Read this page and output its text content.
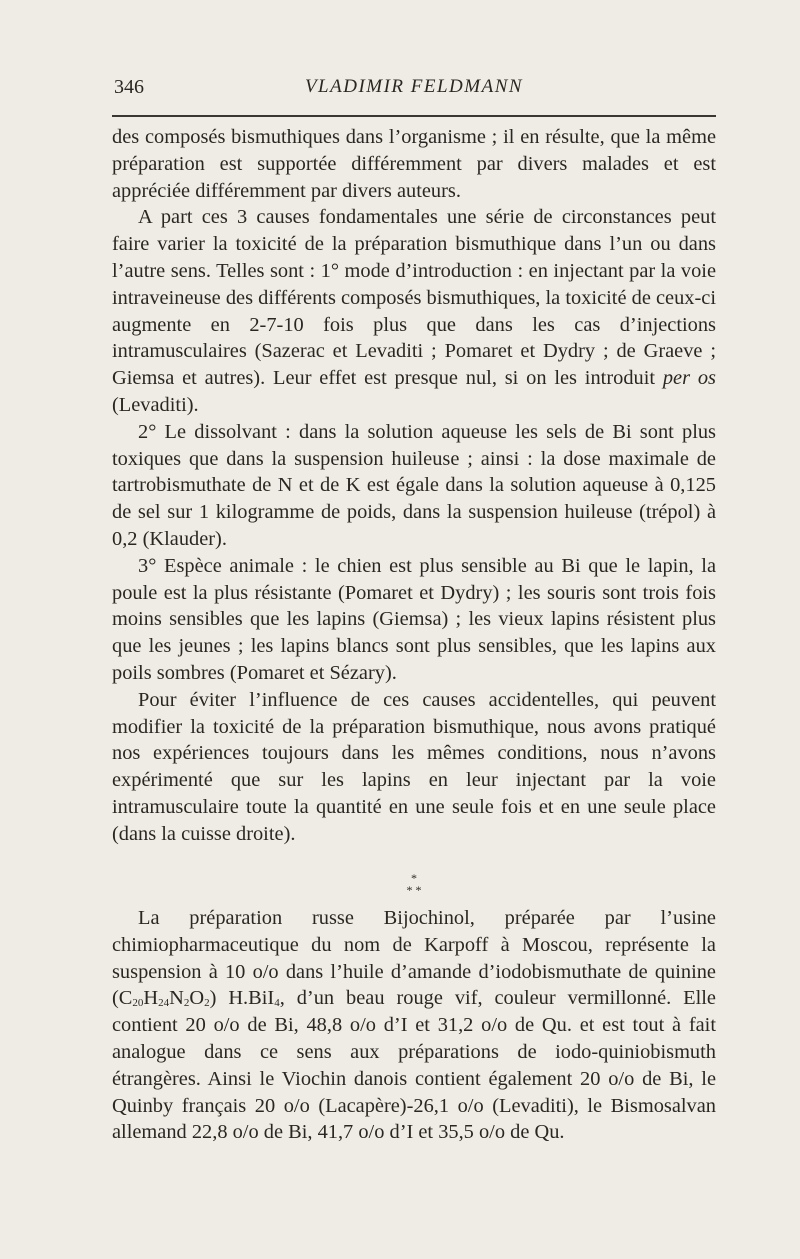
346	VLADIMIR FELDMANN

des composés bismuthiques dans l’organisme ; il en résulte, que la même préparation est supportée différemment par divers malades et est appréciée différemment par divers auteurs.

A part ces 3 causes fondamentales une série de circonstances peut faire varier la toxicité de la préparation bismuthique dans l’un ou dans l’autre sens. Telles sont : 1° mode d’introduction : en injectant par la voie intraveineuse des différents composés bismuthiques, la toxicité de ceux-ci augmente en 2-7-10 fois plus que dans les cas d’injections intramusculaires (Sazerac et Levaditi ; Pomaret et Dydry ; de Graeve ; Giemsa et autres). Leur effet est presque nul, si on les introduit per os (Levaditi).

2° Le dissolvant : dans la solution aqueuse les sels de Bi sont plus toxiques que dans la suspension huileuse ; ainsi : la dose maximale de tartrobismuthate de N et de K est égale dans la solution aqueuse à 0,125 de sel sur 1 kilogramme de poids, dans la suspension huileuse (trépol) à 0,2 (Klauder).

3° Espèce animale : le chien est plus sensible au Bi que le lapin, la poule est la plus résistante (Pomaret et Dydry) ; les souris sont trois fois moins sensibles que les lapins (Giemsa) ; les vieux lapins résistent plus que les jeunes ; les lapins blancs sont plus sensibles, que les lapins aux poils sombres (Pomaret et Sézary).

Pour éviter l’influence de ces causes accidentelles, qui peuvent modifier la toxicité de la préparation bismuthique, nous avons pratiqué nos expériences toujours dans les mêmes conditions, nous n’avons expérimenté que sur les lapins en leur injectant par la voie intramusculaire toute la quantité en une seule fois et en une seule place (dans la cuisse droite).

*
* *

La préparation russe Bijochinol, préparée par l’usine chimiopharmaceutique du nom de Karpoff à Moscou, représente la suspension à 10 o/o dans l’huile d’amande d’iodobismuthate de quinine $(C_{20}H_{24}N_2O_2)$ H.BiI$_4$, d’un beau rouge vif, couleur vermillonné. Elle contient 20 o/o de Bi, 48,8 o/o d’I et 31,2 o/o de Qu. et est tout à fait analogue dans ce sens aux préparations de iodo-quiniobismuth étrangères. Ainsi le Viochin danois contient également 20 o/o de Bi, le Quinby français 20 o/o (Lacapère)-26,1 o/o (Levaditi), le Bismosalvan allemand 22,8 o/o de Bi, 41,7 o/o d’I et 35,5 o/o de Qu.
